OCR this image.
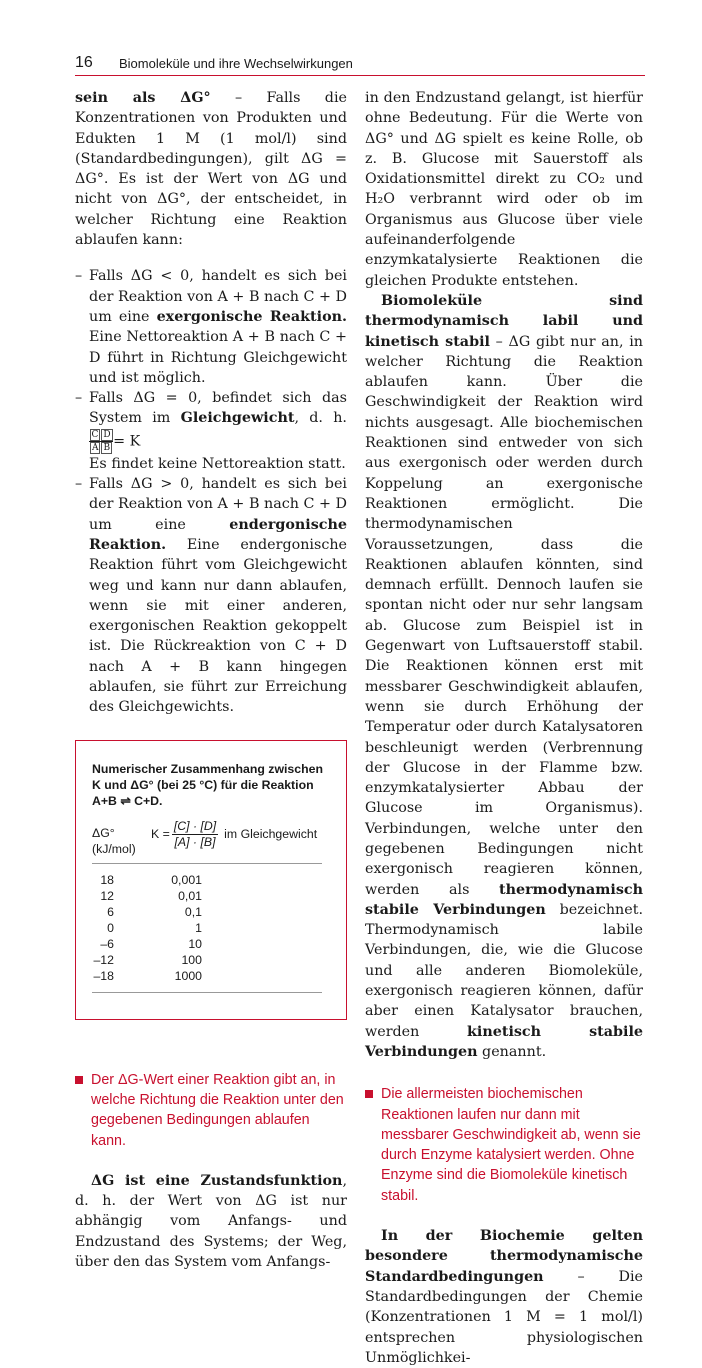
16 Biomoleküle und ihre Wechselwirkungen

sein als ΔG° – Falls die Konzentrationen von Produkten und Edukten 1 M (1 mol/l) sind (Standardbedingungen), gilt ΔG = ΔG°. Es ist der Wert von ΔG und nicht von ΔG°, der entscheidet, in welcher Richtung eine Reaktion ablaufen kann:

– Falls ΔG < 0, handelt es sich bei der Reaktion von A + B nach C + D um eine exergonische Reaktion. Eine Nettoreaktion A + B nach C + D führt in Richtung Gleichgewicht und ist möglich.
– Falls ΔG = 0, befindet sich das System im Gleichgewicht, d. h.
$\frac{\text{C D}}{\text{A B}} = K$
Es findet keine Nettoreaktion statt.
– Falls ΔG > 0, handelt es sich bei der Reaktion von A + B nach C + D um eine endergonische Reaktion. Eine endergonische Reaktion führt vom Gleichgewicht weg und kann nur dann ablaufen, wenn sie mit einer anderen, exergonischen Reaktion gekoppelt ist. Die Rückreaktion von C + D nach A + B kann hingegen ablaufen, sie führt zur Erreichung des Gleichgewichts.
Numerischer Zusammenhang zwischen K und ΔG° (bei 25 °C) für die Reaktion A+B ⇌ C+D.
ΔG°
(kJ/mol)
$K = \frac{[C] \cdot [D]}{[A] \cdot [B]}$ im Gleichgewicht
18	0,001
12	0,01
6	0,1
0	1
–6	10
–12	100
–18	1000
Der ΔG-Wert einer Reaktion gibt an, in welche Richtung die Reaktion unter den gegebenen Bedingungen ablaufen kann.

ΔG ist eine Zustandsfunktion, d. h. der Wert von ΔG ist nur abhängig vom Anfangs- und Endzustand des Systems; der Weg, über den das System vom Anfangs-

in den Endzustand gelangt, ist hierfür ohne Bedeutung. Für die Werte von ΔG° und ΔG spielt es keine Rolle, ob z. B. Glucose mit Sauerstoff als Oxidationsmittel direkt zu CO₂ und H₂O verbrannt wird oder ob im Organismus aus Glucose über viele aufeinanderfolgende enzymkatalysierte Reaktionen die gleichen Produkte entstehen.

Biomoleküle sind thermodynamisch labil und kinetisch stabil – ΔG gibt nur an, in welcher Richtung die Reaktion ablaufen kann. Über die Geschwindigkeit der Reaktion wird nichts ausgesagt. Alle biochemischen Reaktionen sind entweder von sich aus exergonisch oder werden durch Koppelung an exergonische Reaktionen ermöglicht. Die thermodynamischen Voraussetzungen, dass die Reaktionen ablaufen könnten, sind demnach erfüllt. Dennoch laufen sie spontan nicht oder nur sehr langsam ab. Glucose zum Beispiel ist in Gegenwart von Luftsauerstoff stabil. Die Reaktionen können erst mit messbarer Geschwindigkeit ablaufen, wenn sie durch Erhöhung der Temperatur oder durch Katalysatoren beschleunigt werden (Verbrennung der Glucose in der Flamme bzw. enzymkatalysierter Abbau der Glucose im Organismus). Verbindungen, welche unter den gegebenen Bedingungen nicht exergonisch reagieren können, werden als thermodynamisch stabile Verbindungen bezeichnet. Thermodynamisch labile Verbindungen, die, wie die Glucose und alle anderen Biomoleküle, exergonisch reagieren können, dafür aber einen Katalysator brauchen, werden kinetisch stabile Verbindungen genannt.

Die allermeisten biochemischen Reaktionen laufen nur dann mit messbarer Geschwindigkeit ab, wenn sie durch Enzyme katalysiert werden. Ohne Enzyme sind die Biomoleküle kinetisch stabil.

In der Biochemie gelten besondere thermodynamische Standardbedingungen – Die Standardbedingungen der Chemie (Konzentrationen 1 M = 1 mol/l) entsprechen physiologischen Unmöglichkei-
